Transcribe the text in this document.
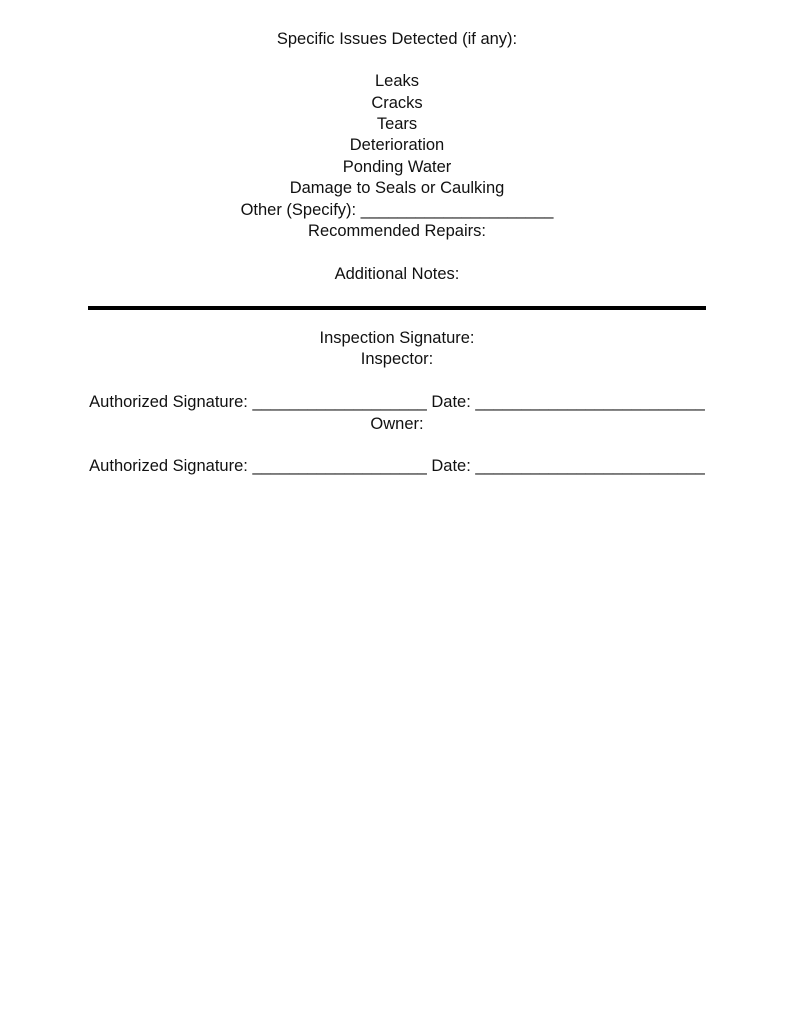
Specific Issues Detected (if any):
Leaks
Cracks
Tears
Deterioration
Ponding Water
Damage to Seals or Caulking
Other (Specify): _____________________
Recommended Repairs:
Additional Notes:
Inspection Signature:
Inspector:
Authorized Signature: ___________________ Date: _________________________
Owner:
Authorized Signature: ___________________ Date: _________________________
